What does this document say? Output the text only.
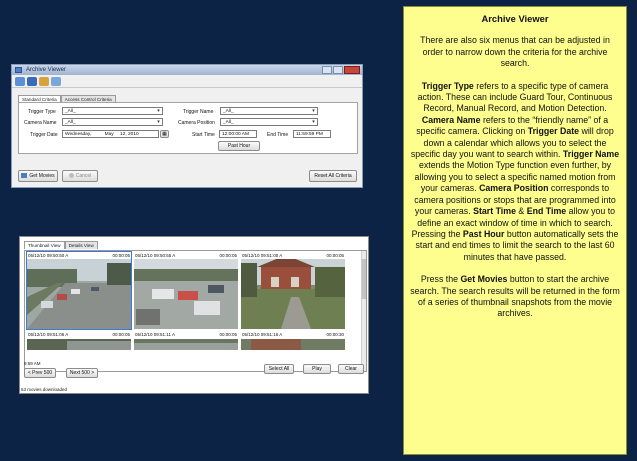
Archive Viewer
Standard Criteria	Access Control Criteria
Trigger Type	_All_	▾
Camera Name	_All_	▾
Trigger Date	Wednesday,	May 12, 2010	▦
Trigger Name	_All_	▾
Camera Position	_All_	▾
Start Time	12:00:00 AM	End Time	11:59:59 PM
Past Hour
Get Movies	Cancel	Reset All Criteria
Thumbnail View	Details View
05/12/10 09:50:50 A	00:00:05 05/12/10 09:50:55 A	00:00:05 05/12/10 09:51:00 A	00:00:05
05/12/10 09:51:06 A	00:00:05 05/12/10 09:51:11 A	00:00:05 05/12/10 09:51:16 A	00:00:30
9:59 AM
< Prev 500	Next 500 >
Select All	Play	Clear
53 movies downloaded
Archive Viewer

There are also six menus that can be adjusted in order to narrow down the criteria for the archive search.

Trigger Type refers to a specific type of camera action. These can include Guard Tour, Continuous Record, Manual Record, and Motion Detection. Camera Name refers to the “friendly name” of a specific camera. Clicking on Trigger Date will drop down a calendar which allows you to select the specific day you want to search within. Trigger Name extends the Motion Type function even further, by allowing you to select a specific named motion from your cameras. Camera Position corresponds to camera positions or stops that are programmed into your cameras. Start Time & End Time allow you to define an exact window of time in which to search. Pressing the Past Hour button automatically sets the start and end times to limit the search to the last 60 minutes that have passed.

Press the Get Movies button to start the archive search. The search results will be returned in the form of a series of thumbnail snapshots from the movie archives.
